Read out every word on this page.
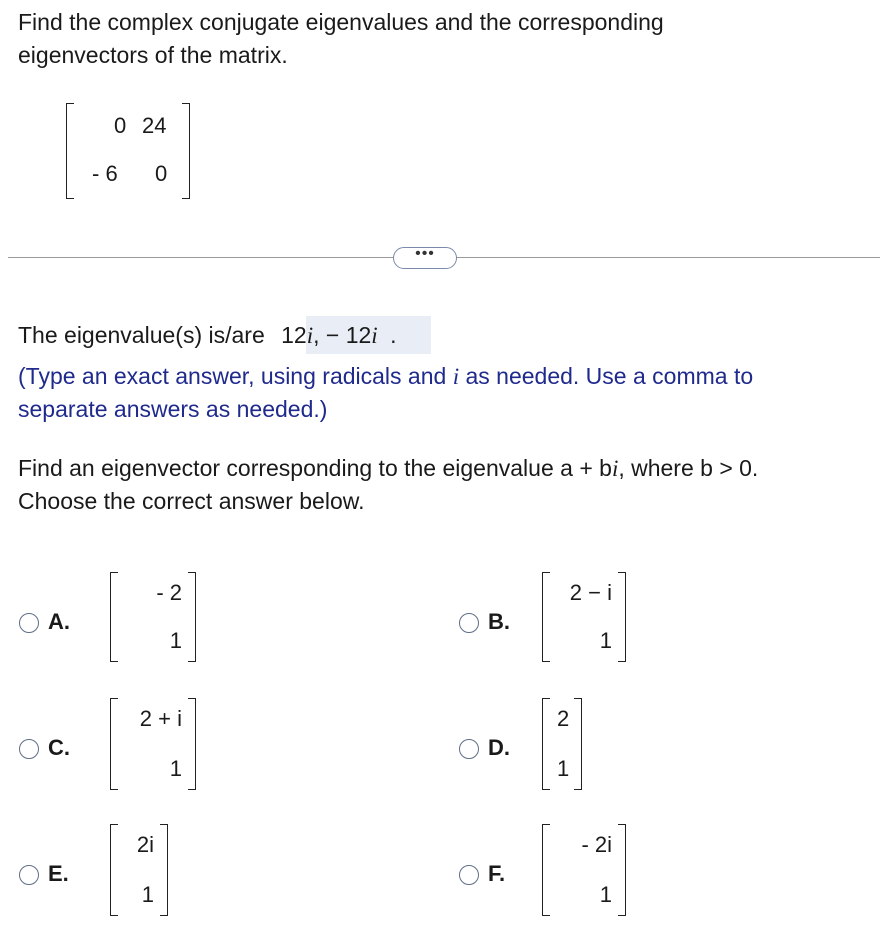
Find the complex conjugate eigenvalues and the corresponding
eigenvectors of the matrix.
0 24
- 6 0
•••
The eigenvalue(s) is/are 12i, − 12i .
(Type an exact answer, using radicals and i as needed. Use a comma to
separate answers as needed.)
Find an eigenvector corresponding to the eigenvalue a + bi, where b > 0.
Choose the correct answer below.
A.
- 2
1
B.
2 − i
1
C.
2 + i
1
D.
2
1
E.
2i
1
F.
- 2i
1
